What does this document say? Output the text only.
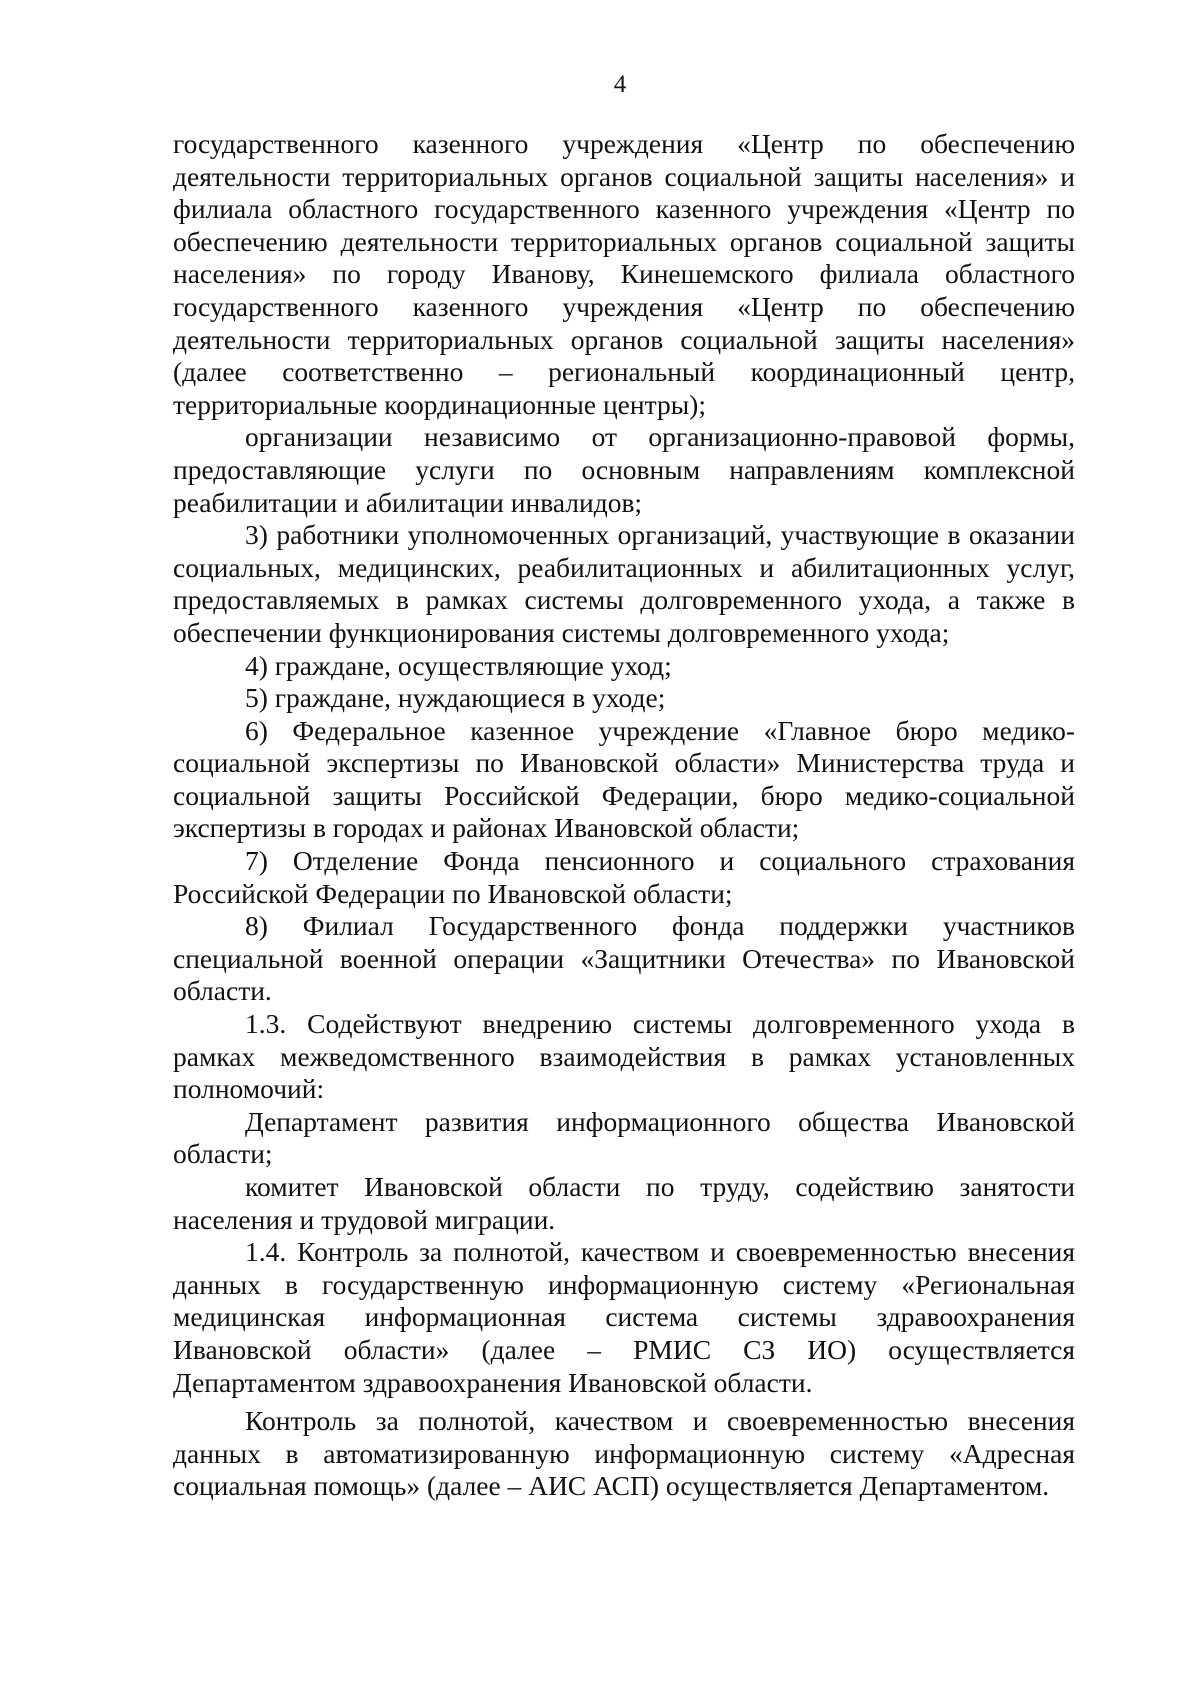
4

государственного казенного учреждения «Центр по обеспечению деятельности территориальных органов социальной защиты населения» и филиала областного государственного казенного учреждения «Центр по обеспечению деятельности территориальных органов социальной защиты населения» по городу Иванову, Кинешемского филиала областного государственного казенного учреждения «Центр по обеспечению деятельности территориальных органов социальной защиты населения» (далее соответственно – региональный координационный центр, территориальные координационные центры);

организации независимо от организационно-правовой формы, предоставляющие услуги по основным направлениям комплексной реабилитации и абилитации инвалидов;

3) работники уполномоченных организаций, участвующие в оказании социальных, медицинских, реабилитационных и абилитационных услуг, предоставляемых в рамках системы долговременного ухода, а также в обеспечении функционирования системы долговременного ухода;

4) граждане, осуществляющие уход;

5) граждане, нуждающиеся в уходе;

6) Федеральное казенное учреждение «Главное бюро медико-социальной экспертизы по Ивановской области» Министерства труда и социальной защиты Российской Федерации, бюро медико-социальной экспертизы в городах и районах Ивановской области;

7) Отделение Фонда пенсионного и социального страхования Российской Федерации по Ивановской области;

8) Филиал Государственного фонда поддержки участников специальной военной операции «Защитники Отечества» по Ивановской области.

1.3. Содействуют внедрению системы долговременного ухода в рамках межведомственного взаимодействия в рамках установленных полномочий:

Департамент развития информационного общества Ивановской области;

комитет Ивановской области по труду, содействию занятости населения и трудовой миграции.

1.4. Контроль за полнотой, качеством и своевременностью внесения данных в государственную информационную систему «Региональная медицинская информационная система системы здравоохранения Ивановской области» (далее – РМИС СЗ ИО) осуществляется Департаментом здравоохранения Ивановской области.

Контроль за полнотой, качеством и своевременностью внесения данных в автоматизированную информационную систему «Адресная социальная помощь» (далее – АИС АСП) осуществляется Департаментом.
